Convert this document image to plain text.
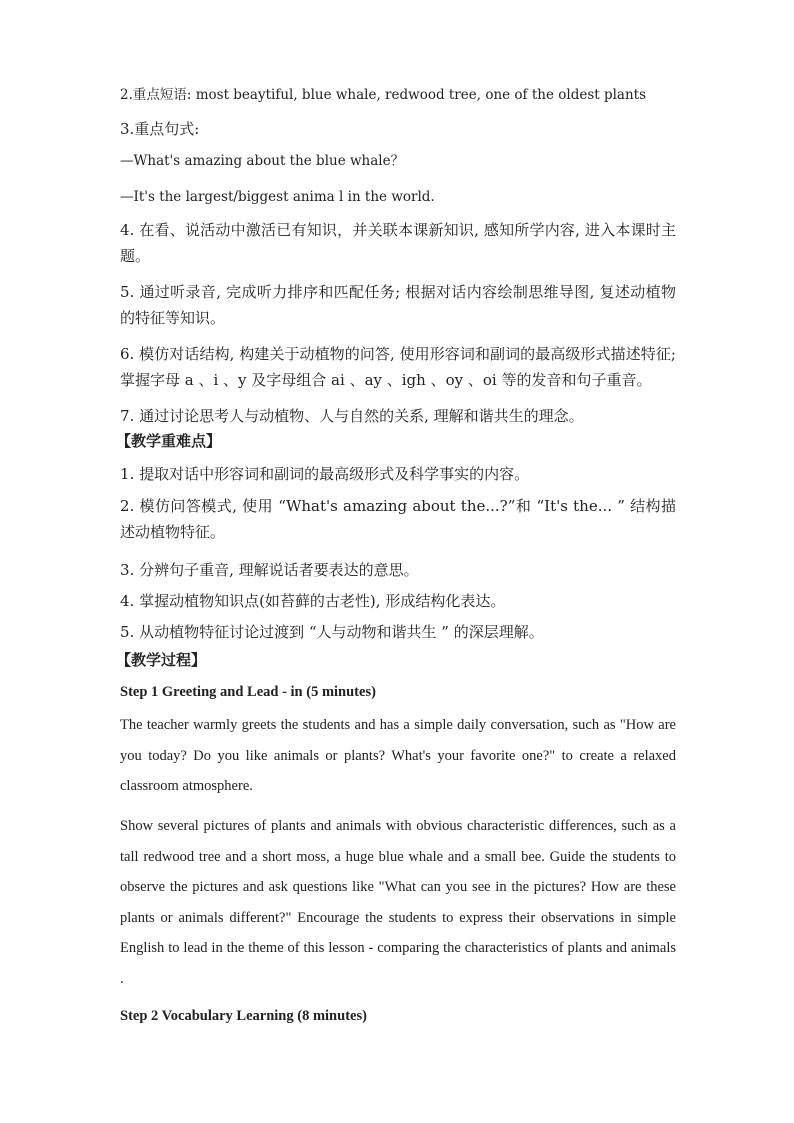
2.重点短语: most beaytiful, blue whale, redwood tree, one of the oldest plants

3.重点句式:

—What's amazing about the blue whale？

—It's the largest/biggest anima l in the world.

4. 在看、说活动中激活已有知识，并关联本课新知识, 感知所学内容, 进入本课时主题。

5. 通过听录音, 完成听力排序和匹配任务; 根据对话内容绘制思维导图, 复述动植物的特征等知识。

6. 模仿对话结构, 构建关于动植物的问答, 使用形容词和副词的最高级形式描述特征; 掌握字母 a 、i 、y 及字母组合 ai 、ay 、igh 、oy 、oi 等的发音和句子重音。

7. 通过讨论思考人与动植物、人与自然的关系, 理解和谐共生的理念。

【教学重难点】

1. 提取对话中形容词和副词的最高级形式及科学事实的内容。

2. 模仿问答模式, 使用 “What's amazing about the...?”和 “It's the... ” 结构描述动植物特征。

3. 分辨句子重音, 理解说话者要表达的意思。

4. 掌握动植物知识点(如苔藓的古老性), 形成结构化表达。

5. 从动植物特征讨论过渡到 “人与动物和谐共生 ” 的深层理解。

【教学过程】

Step 1 Greeting and Lead - in (5 minutes)

The teacher warmly greets the students and has a simple daily conversation, such as "How are you today? Do you like animals or plants? What's your favorite one?" to create a relaxed classroom atmosphere.

Show several pictures of plants and animals with obvious characteristic differences, such as a tall redwood tree and a short moss, a huge blue whale and a small bee. Guide the students to observe the pictures and ask questions like "What can you see in the pictures? How are these plants or animals different?" Encourage the students to express their observations in simple English to lead in the theme of this lesson - comparing the characteristics of plants and animals .

Step 2 Vocabulary Learning (8 minutes)
